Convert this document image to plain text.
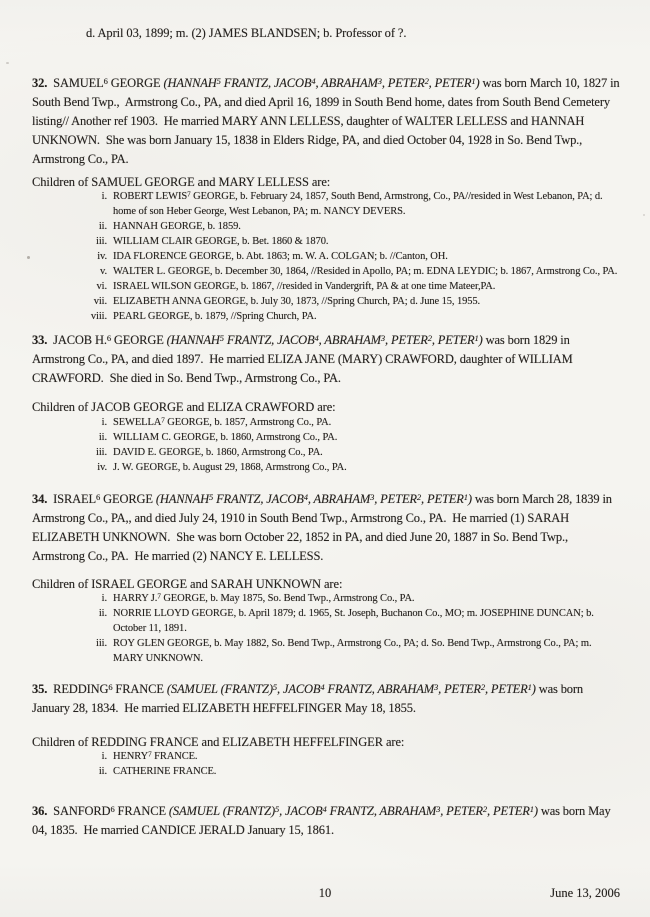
d. April 03, 1899; m. (2) JAMES BLANDSEN; b. Professor of ?.

32.  SAMUEL$^6$ GEORGE (HANNAH$^5$ FRANTZ, JACOB$^4$, ABRAHAM$^3$, PETER$^2$, PETER$^1$) was born March 10, 1827 in South Bend Twp.,  Armstrong Co., PA, and died April 16, 1899 in South Bend home, dates from South Bend Cemetery listing// Another ref 1903.  He married MARY ANN LELLESS, daughter of WALTER LELLESS and HANNAH UNKNOWN.  She was born January 15, 1838 in Elders Ridge, PA, and died October 04, 1928 in So. Bend Twp., Armstrong Co., PA.

Children of SAMUEL GEORGE and MARY LELLESS are:

i. ROBERT LEWIS$^7$ GEORGE, b. February 24, 1857, South Bend, Armstrong, Co., PA//resided in West Lebanon, PA; d. home of son Heber George, West Lebanon, PA; m. NANCY DEVERS.
ii. HANNAH GEORGE, b. 1859.
iii. WILLIAM CLAIR GEORGE, b. Bet. 1860 & 1870.
iv. IDA FLORENCE GEORGE, b. Abt. 1863; m. W. A. COLGAN; b. //Canton, OH.
v. WALTER L. GEORGE, b. December 30, 1864, //Resided in Apollo, PA; m. EDNA LEYDIC; b. 1867, Armstrong Co., PA.
vi. ISRAEL WILSON GEORGE, b. 1867, //resided in Vandergrift, PA & at one time Mateer,PA.
vii. ELIZABETH ANNA GEORGE, b. July 30, 1873, //Spring Church, PA; d. June 15, 1955.
viii. PEARL GEORGE, b. 1879, //Spring Church, PA.

33.  JACOB H.$^6$ GEORGE (HANNAH$^5$ FRANTZ, JACOB$^4$, ABRAHAM$^3$, PETER$^2$, PETER$^1$) was born 1829 in Armstrong Co., PA, and died 1897.  He married ELIZA JANE (MARY) CRAWFORD, daughter of WILLIAM CRAWFORD.  She died in So. Bend Twp., Armstrong Co., PA.

Children of JACOB GEORGE and ELIZA CRAWFORD are:

i. SEWELLA$^7$ GEORGE, b. 1857, Armstrong Co., PA.
ii. WILLIAM C. GEORGE, b. 1860, Armstrong Co., PA.
iii. DAVID E. GEORGE, b. 1860, Armstrong Co., PA.
iv. J. W. GEORGE, b. August 29, 1868, Armstrong Co., PA.

34.  ISRAEL$^6$ GEORGE (HANNAH$^5$ FRANTZ, JACOB$^4$, ABRAHAM$^3$, PETER$^2$, PETER$^1$) was born March 28, 1839 in Armstrong Co., PA,, and died July 24, 1910 in South Bend Twp., Armstrong Co., PA.  He married (1) SARAH ELIZABETH UNKNOWN.  She was born October 22, 1852 in PA, and died June 20, 1887 in So. Bend Twp., Armstrong Co., PA.  He married (2) NANCY E. LELLESS.

Children of ISRAEL GEORGE and SARAH UNKNOWN are:

i. HARRY J.$^7$ GEORGE, b. May 1875, So. Bend Twp., Armstrong Co., PA.
ii. NORRIE LLOYD GEORGE, b. April 1879; d. 1965, St. Joseph, Buchanon Co., MO; m. JOSEPHINE DUNCAN; b. October 11, 1891.
iii. ROY GLEN GEORGE, b. May 1882, So. Bend Twp., Armstrong Co., PA; d. So. Bend Twp., Armstrong Co., PA; m. MARY UNKNOWN.

35.  REDDING$^6$ FRANCE (SAMUEL (FRANTZ)$^5$, JACOB$^4$ FRANTZ, ABRAHAM$^3$, PETER$^2$, PETER$^1$) was born January 28, 1834.  He married ELIZABETH HEFFELFINGER May 18, 1855.

Children of REDDING FRANCE and ELIZABETH HEFFELFINGER are:

i. HENRY$^7$ FRANCE.
ii. CATHERINE FRANCE.

36.  SANFORD$^6$ FRANCE (SAMUEL (FRANTZ)$^5$, JACOB$^4$ FRANTZ, ABRAHAM$^3$, PETER$^2$, PETER$^1$) was born May 04, 1835.  He married CANDICE JERALD January 15, 1861.

10	June 13, 2006
